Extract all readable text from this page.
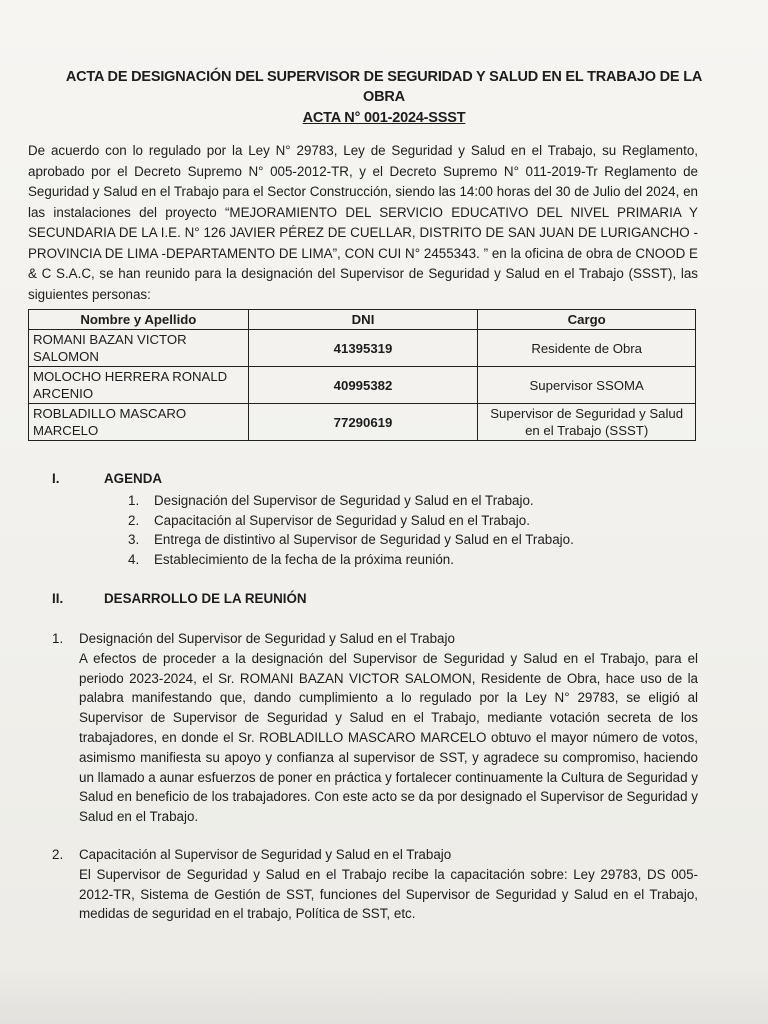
ACTA DE DESIGNACIÓN DEL SUPERVISOR DE SEGURIDAD Y SALUD EN EL TRABAJO DE LA
OBRA
ACTA N° 001-2024-SSST
De acuerdo con lo regulado por la Ley N° 29783, Ley de Seguridad y Salud en el Trabajo, su Reglamento, aprobado por el Decreto Supremo N° 005-2012-TR, y el Decreto Supremo N° 011-2019-Tr Reglamento de Seguridad y Salud en el Trabajo para el Sector Construcción, siendo las 14:00 horas del 30 de Julio del 2024, en las instalaciones del proyecto “MEJORAMIENTO DEL SERVICIO EDUCATIVO DEL NIVEL PRIMARIA Y SECUNDARIA DE LA I.E. N° 126 JAVIER PÉREZ DE CUELLAR, DISTRITO DE SAN JUAN DE LURIGANCHO - PROVINCIA DE LIMA -DEPARTAMENTO DE LIMA”, CON CUI N° 2455343. ” en la oficina de obra de CNOOD E & C S.A.C, se han reunido para la designación del Supervisor de Seguridad y Salud en el Trabajo (SSST), las siguientes personas:
Nombre y Apellido	DNI	Cargo
ROMANI BAZAN VICTOR SALOMON	41395319	Residente de Obra
MOLOCHO HERRERA RONALD ARCENIO	40995382	Supervisor SSOMA
ROBLADILLO MASCARO MARCELO	77290619	Supervisor de Seguridad y Salud en el Trabajo (SSST)
I.	AGENDA
1. Designación del Supervisor de Seguridad y Salud en el Trabajo.
2. Capacitación al Supervisor de Seguridad y Salud en el Trabajo.
3. Entrega de distintivo al Supervisor de Seguridad y Salud en el Trabajo.
4. Establecimiento de la fecha de la próxima reunión.
II.	DESARROLLO DE LA REUNIÓN
1. Designación del Supervisor de Seguridad y Salud en el Trabajo
A efectos de proceder a la designación del Supervisor de Seguridad y Salud en el Trabajo, para el periodo 2023-2024, el Sr. ROMANI BAZAN VICTOR SALOMON, Residente de Obra, hace uso de la palabra manifestando que, dando cumplimiento a lo regulado por la Ley N° 29783, se eligió al Supervisor de Supervisor de Seguridad y Salud en el Trabajo, mediante votación secreta de los trabajadores, en donde el Sr. ROBLADILLO MASCARO MARCELO obtuvo el mayor número de votos, asimismo manifiesta su apoyo y confianza al supervisor de SST, y agradece su compromiso, haciendo un llamado a aunar esfuerzos de poner en práctica y fortalecer continuamente la Cultura de Seguridad y Salud en beneficio de los trabajadores. Con este acto se da por designado el Supervisor de Seguridad y Salud en el Trabajo.
2. Capacitación al Supervisor de Seguridad y Salud en el Trabajo
El Supervisor de Seguridad y Salud en el Trabajo recibe la capacitación sobre: Ley 29783, DS 005-2012-TR, Sistema de Gestión de SST, funciones del Supervisor de Seguridad y Salud en el Trabajo, medidas de seguridad en el trabajo, Política de SST, etc.
